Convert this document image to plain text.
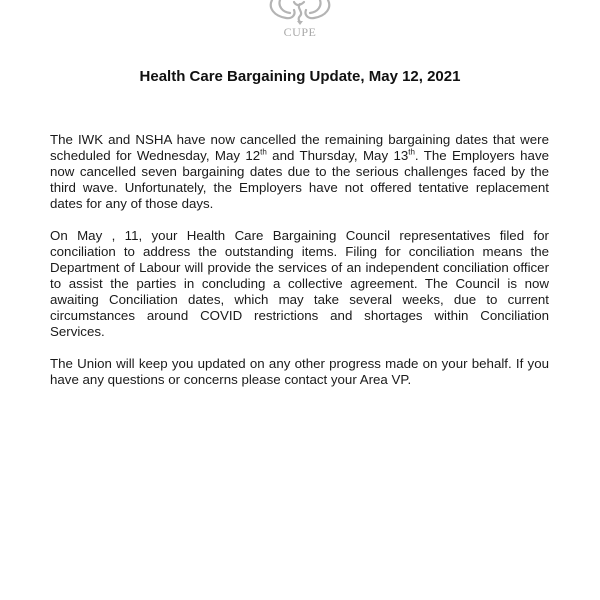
CUPE
Health Care Bargaining Update, May 12, 2021

The IWK and NSHA have now cancelled the remaining bargaining dates that were scheduled for Wednesday, May 12th and Thursday, May 13th. The Employers have now cancelled seven bargaining dates due to the serious challenges faced by the third wave. Unfortunately, the Employers have not offered tentative replacement dates for any of those days.

On May , 11, your Health Care Bargaining Council representatives filed for conciliation to address the outstanding items. Filing for conciliation means the Department of Labour will provide the services of an independent conciliation officer to assist the parties in concluding a collective agreement. The Council is now awaiting Conciliation dates, which may take several weeks, due to current circumstances around COVID restrictions and shortages within Conciliation Services.

The Union will keep you updated on any other progress made on your behalf. If you have any questions or concerns please contact your Area VP.
